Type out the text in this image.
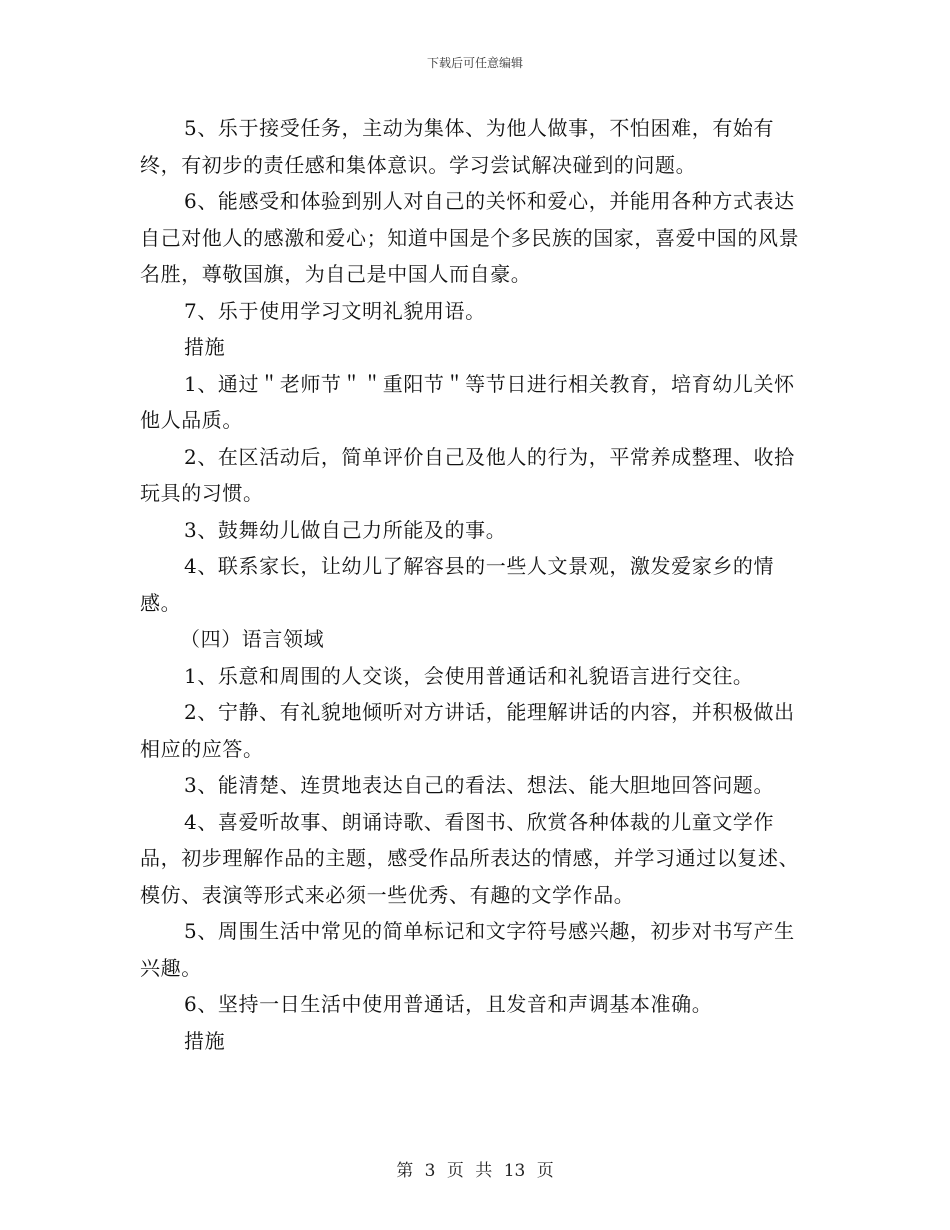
下载后可任意编辑

5、乐于接受任务，主动为集体、为他人做事，不怕困难，有始有终，有初步的责任感和集体意识。学习尝试解决碰到的问题。

6、能感受和体验到别人对自己的关怀和爱心，并能用各种方式表达自己对他人的感激和爱心；知道中国是个多民族的国家，喜爱中国的风景名胜，尊敬国旗，为自己是中国人而自豪。

7、乐于使用学习文明礼貌用语。

措施

1、通过＂老师节＂＂重阳节＂等节日进行相关教育，培育幼儿关怀他人品质。

2、在区活动后，简单评价自己及他人的行为，平常养成整理、收拾玩具的习惯。

3、鼓舞幼儿做自己力所能及的事。

4、联系家长，让幼儿了解容县的一些人文景观，激发爱家乡的情感。

（四）语言领域

1、乐意和周围的人交谈，会使用普通话和礼貌语言进行交往。

2、宁静、有礼貌地倾听对方讲话，能理解讲话的内容，并积极做出相应的应答。

3、能清楚、连贯地表达自己的看法、想法、能大胆地回答问题。

4、喜爱听故事、朗诵诗歌、看图书、欣赏各种体裁的儿童文学作品，初步理解作品的主题，感受作品所表达的情感，并学习通过以复述、模仿、表演等形式来必须一些优秀、有趣的文学作品。

5、周围生活中常见的简单标记和文字符号感兴趣，初步对书写产生兴趣。

6、坚持一日生活中使用普通话，且发音和声调基本准确。

措施

第 3 页 共 13 页
